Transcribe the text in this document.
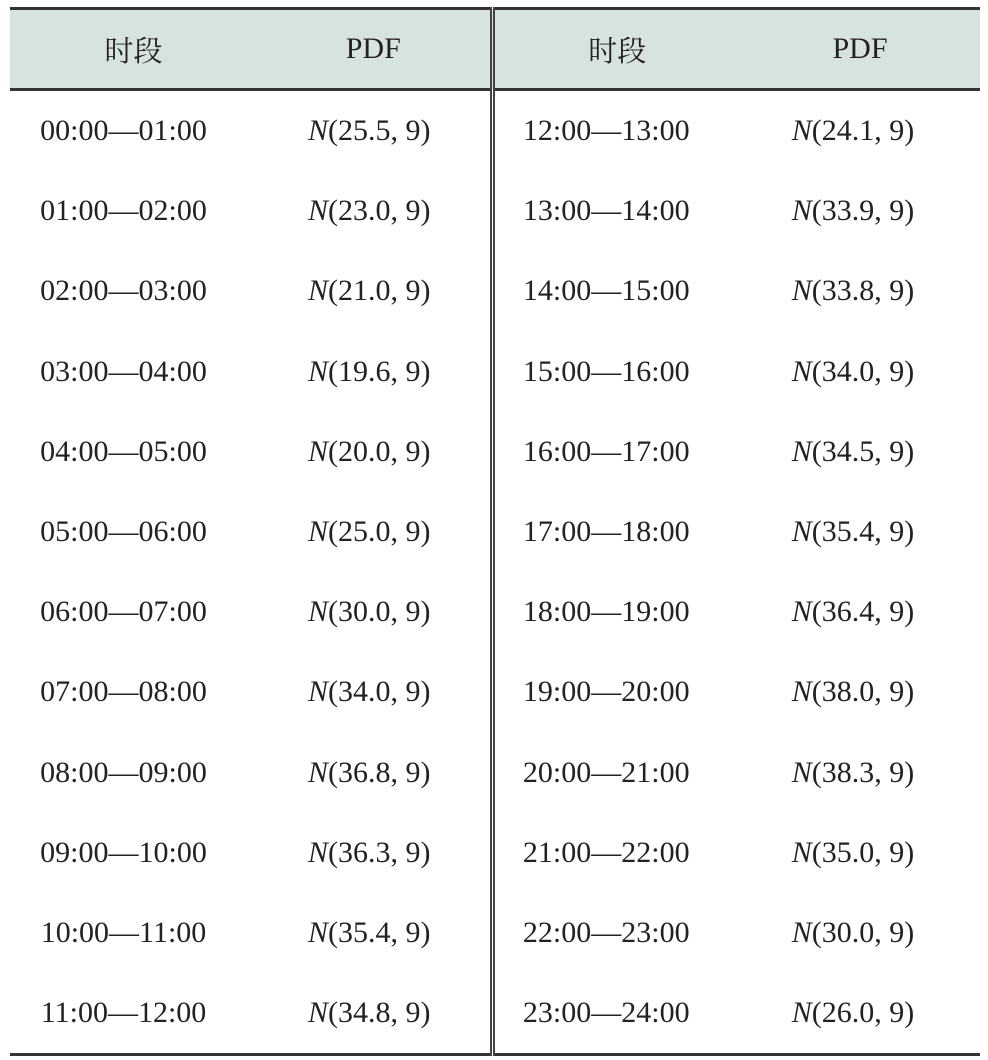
时段	PDF	时段	PDF
00:00—01:00	N(25.5, 9)	12:00—13:00	N(24.1, 9)
01:00—02:00	N(23.0, 9)	13:00—14:00	N(33.9, 9)
02:00—03:00	N(21.0, 9)	14:00—15:00	N(33.8, 9)
03:00—04:00	N(19.6, 9)	15:00—16:00	N(34.0, 9)
04:00—05:00	N(20.0, 9)	16:00—17:00	N(34.5, 9)
05:00—06:00	N(25.0, 9)	17:00—18:00	N(35.4, 9)
06:00—07:00	N(30.0, 9)	18:00—19:00	N(36.4, 9)
07:00—08:00	N(34.0, 9)	19:00—20:00	N(38.0, 9)
08:00—09:00	N(36.8, 9)	20:00—21:00	N(38.3, 9)
09:00—10:00	N(36.3, 9)	21:00—22:00	N(35.0, 9)
10:00—11:00	N(35.4, 9)	22:00—23:00	N(30.0, 9)
11:00—12:00	N(34.8, 9)	23:00—24:00	N(26.0, 9)
